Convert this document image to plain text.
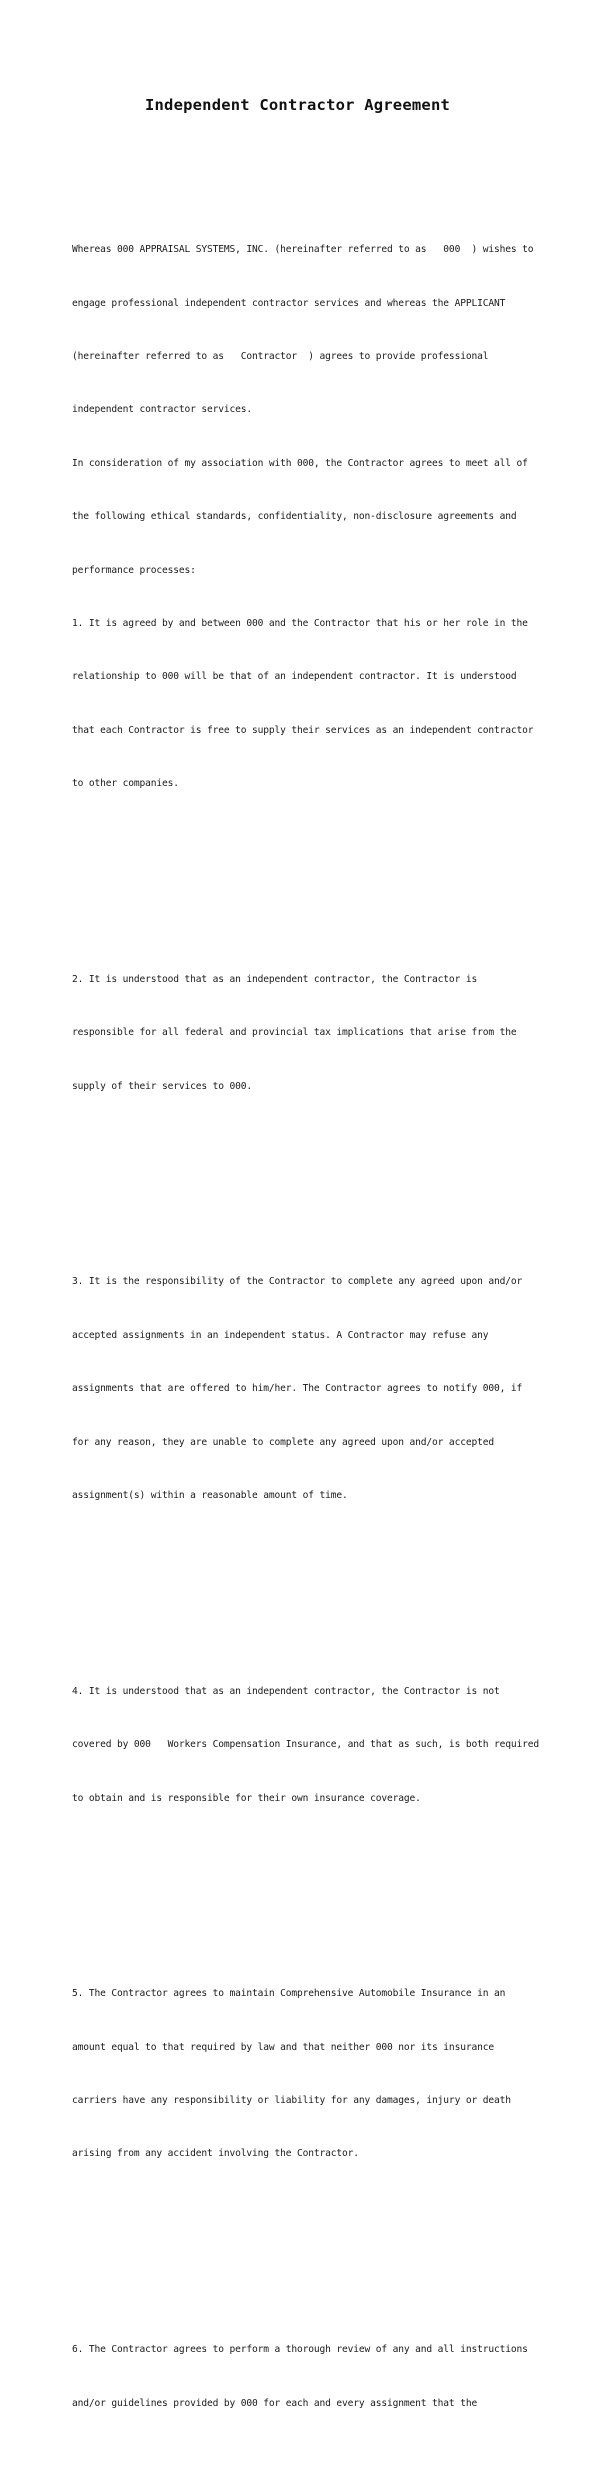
Independent Contractor Agreement

Whereas 000 APPRAISAL SYSTEMS, INC. (hereinafter referred to as   000  ) wishes to

engage professional independent contractor services and whereas the APPLICANT

(hereinafter referred to as   Contractor  ) agrees to provide professional

independent contractor services.

In consideration of my association with 000, the Contractor agrees to meet all of

the following ethical standards, confidentiality, non-disclosure agreements and

performance processes:

1. It is agreed by and between 000 and the Contractor that his or her role in the

relationship to 000 will be that of an independent contractor. It is understood

that each Contractor is free to supply their services as an independent contractor

to other companies.

2. It is understood that as an independent contractor, the Contractor is

responsible for all federal and provincial tax implications that arise from the

supply of their services to 000.

3. It is the responsibility of the Contractor to complete any agreed upon and/or

accepted assignments in an independent status. A Contractor may refuse any

assignments that are offered to him/her. The Contractor agrees to notify 000, if

for any reason, they are unable to complete any agreed upon and/or accepted

assignment(s) within a reasonable amount of time.

4. It is understood that as an independent contractor, the Contractor is not

covered by 000   Workers Compensation Insurance, and that as such, is both required

to obtain and is responsible for their own insurance coverage.

5. The Contractor agrees to maintain Comprehensive Automobile Insurance in an

amount equal to that required by law and that neither 000 nor its insurance

carriers have any responsibility or liability for any damages, injury or death

arising from any accident involving the Contractor.

6. The Contractor agrees to perform a thorough review of any and all instructions

and/or guidelines provided by 000 for each and every assignment that the
